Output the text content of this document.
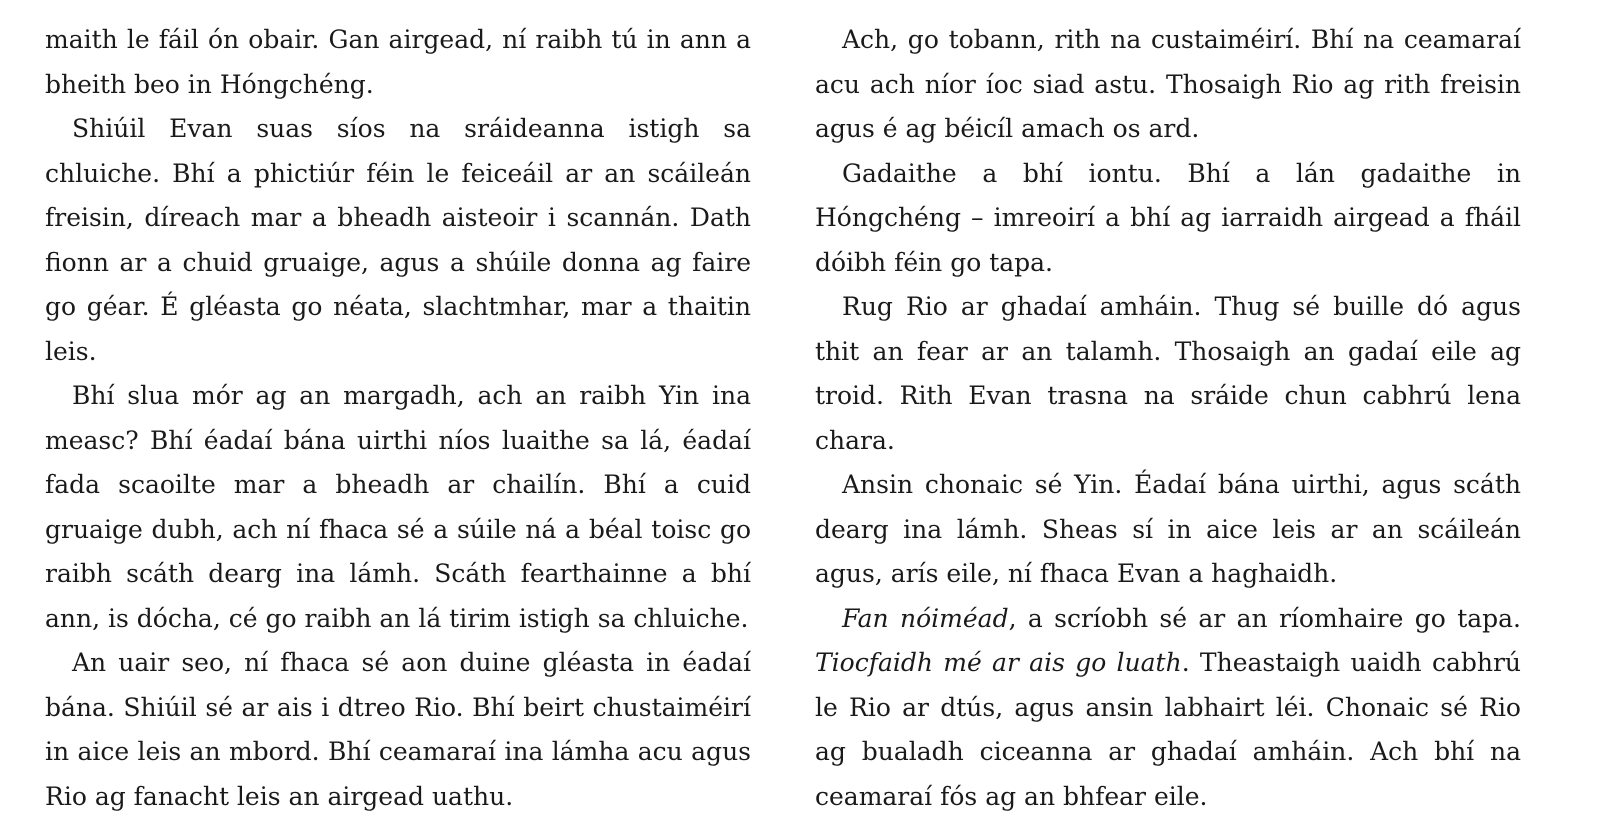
maith le fáil ón obair. Gan airgead, ní raibh tú in ann a bheith beo in Hóngchéng.

Shiúil Evan suas síos na sráideanna istigh sa chluiche. Bhí a phictiúr féin le feiceáil ar an scáileán freisin, díreach mar a bheadh aisteoir i scannán. Dath fionn ar a chuid gruaige, agus a shúile donna ag faire go géar. É gléasta go néata, slachtmhar, mar a thaitin leis.

Bhí slua mór ag an margadh, ach an raibh Yin ina measc? Bhí éadaí bána uirthi níos luaithe sa lá, éadaí fada scaoilte mar a bheadh ar chailín. Bhí a cuid gruaige dubh, ach ní fhaca sé a súile ná a béal toisc go raibh scáth dearg ina lámh. Scáth fearthainne a bhí ann, is dócha, cé go raibh an lá tirim istigh sa chluiche.

An uair seo, ní fhaca sé aon duine gléasta in éadaí bána. Shiúil sé ar ais i dtreo Rio. Bhí beirt chustaiméirí in aice leis an mbord. Bhí ceamaraí ina lámha acu agus Rio ag fanacht leis an airgead uathu.

Ach, go tobann, rith na custaiméirí. Bhí na ceamaraí acu ach níor íoc siad astu. Thosaigh Rio ag rith freisin agus é ag béicíl amach os ard.

Gadaithe a bhí iontu. Bhí a lán gadaithe in Hóngchéng – imreoirí a bhí ag iarraidh airgead a fháil dóibh féin go tapa.

Rug Rio ar ghadaí amháin. Thug sé buille dó agus thit an fear ar an talamh. Thosaigh an gadaí eile ag troid. Rith Evan trasna na sráide chun cabhrú lena chara.

Ansin chonaic sé Yin. Éadaí bána uirthi, agus scáth dearg ina lámh. Sheas sí in aice leis ar an scáileán agus, arís eile, ní fhaca Evan a haghaidh.

Fan nóiméad, a scríobh sé ar an ríomhaire go tapa. Tiocfaidh mé ar ais go luath. Theastaigh uaidh cabhrú le Rio ar dtús, agus ansin labhairt léi. Chonaic sé Rio ag bualadh ciceanna ar ghadaí amháin. Ach bhí na ceamaraí fós ag an bhfear eile.
